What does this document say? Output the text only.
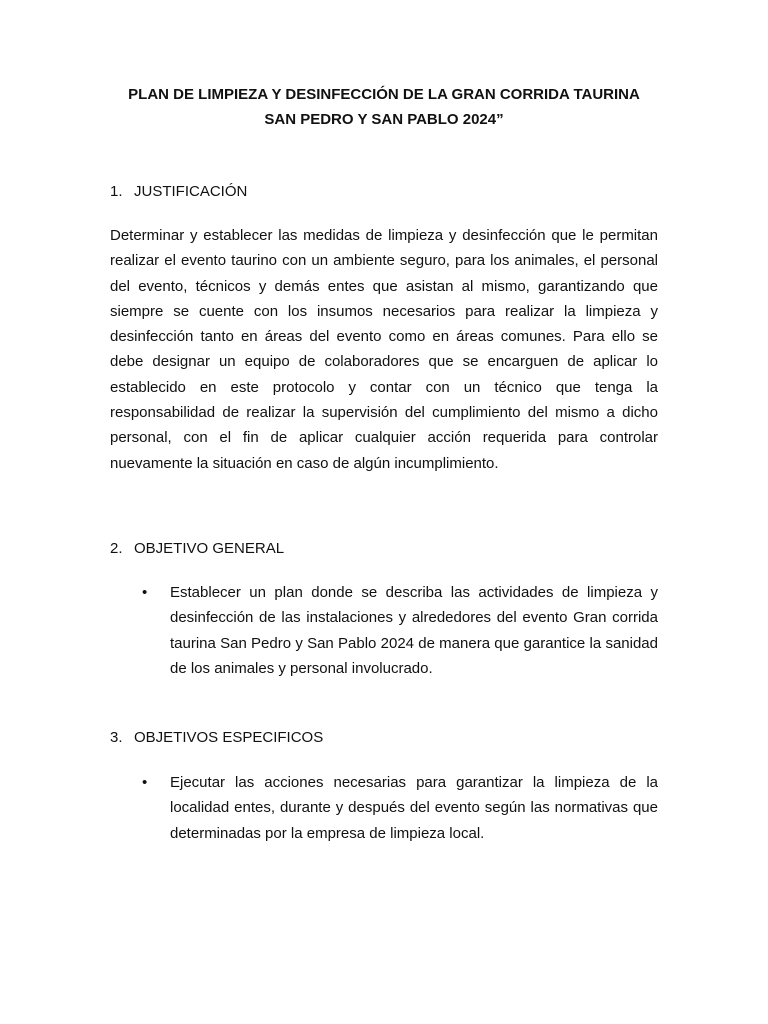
PLAN DE LIMPIEZA Y DESINFECCIÓN DE LA GRAN CORRIDA TAURINA

SAN PEDRO Y SAN PABLO 2024”

1. JUSTIFICACIÓN

Determinar y establecer las medidas de limpieza y desinfección que le permitan realizar el evento taurino con un ambiente seguro, para los animales, el personal del evento, técnicos y demás entes que asistan al mismo, garantizando que siempre se cuente con los insumos necesarios para realizar la limpieza y desinfección tanto en áreas del evento como en áreas comunes. Para ello se debe designar un equipo de colaboradores que se encarguen de aplicar lo establecido en este protocolo y contar con un técnico que tenga la responsabilidad de realizar la supervisión del cumplimiento del mismo a dicho personal, con el fin de aplicar cualquier acción requerida para controlar nuevamente la situación en caso de algún incumplimiento.

2. OBJETIVO GENERAL

• Establecer un plan donde se describa las actividades de limpieza y desinfección de las instalaciones y alrededores del evento Gran corrida taurina San Pedro y San Pablo 2024 de manera que garantice la sanidad de los animales y personal involucrado.

3. OBJETIVOS ESPECIFICOS

• Ejecutar las acciones necesarias para garantizar la limpieza de la localidad entes, durante y después del evento según las normativas que determinadas por la empresa de limpieza local.
